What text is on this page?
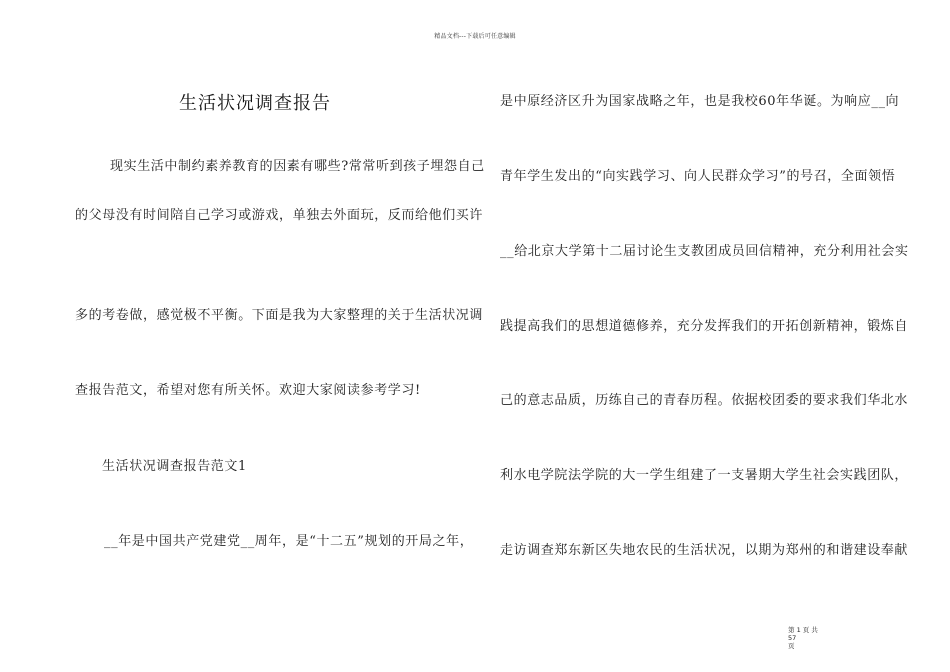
精品文档---下载后可任意编辑
生活状况调查报告
现实生活中制约素养教育的因素有哪些?常常听到孩子埋怨自己
的父母没有时间陪自己学习或游戏，单独去外面玩，反而给他们买许
多的考卷做，感觉极不平衡。下面是我为大家整理的关于生活状况调
查报告范文，希望对您有所关怀。欢迎大家阅读参考学习!
生活状况调查报告范文1
__年是中国共产党建党__周年，是“十二五”规划的开局之年，
是中原经济区升为国家战略之年，也是我校60年华诞。为响应__向
青年学生发出的“向实践学习、向人民群众学习”的号召，全面领悟
__给北京大学第十二届讨论生支教团成员回信精神，充分利用社会实
践提高我们的思想道德修养，充分发挥我们的开拓创新精神，锻炼自
己的意志品质，历练自己的青春历程。依据校团委的要求我们华北水
利水电学院法学院的大一学生组建了一支暑期大学生社会实践团队，
走访调查郑东新区失地农民的生活状况，以期为郑州的和谐建设奉献
第 1 页 共 57
页
